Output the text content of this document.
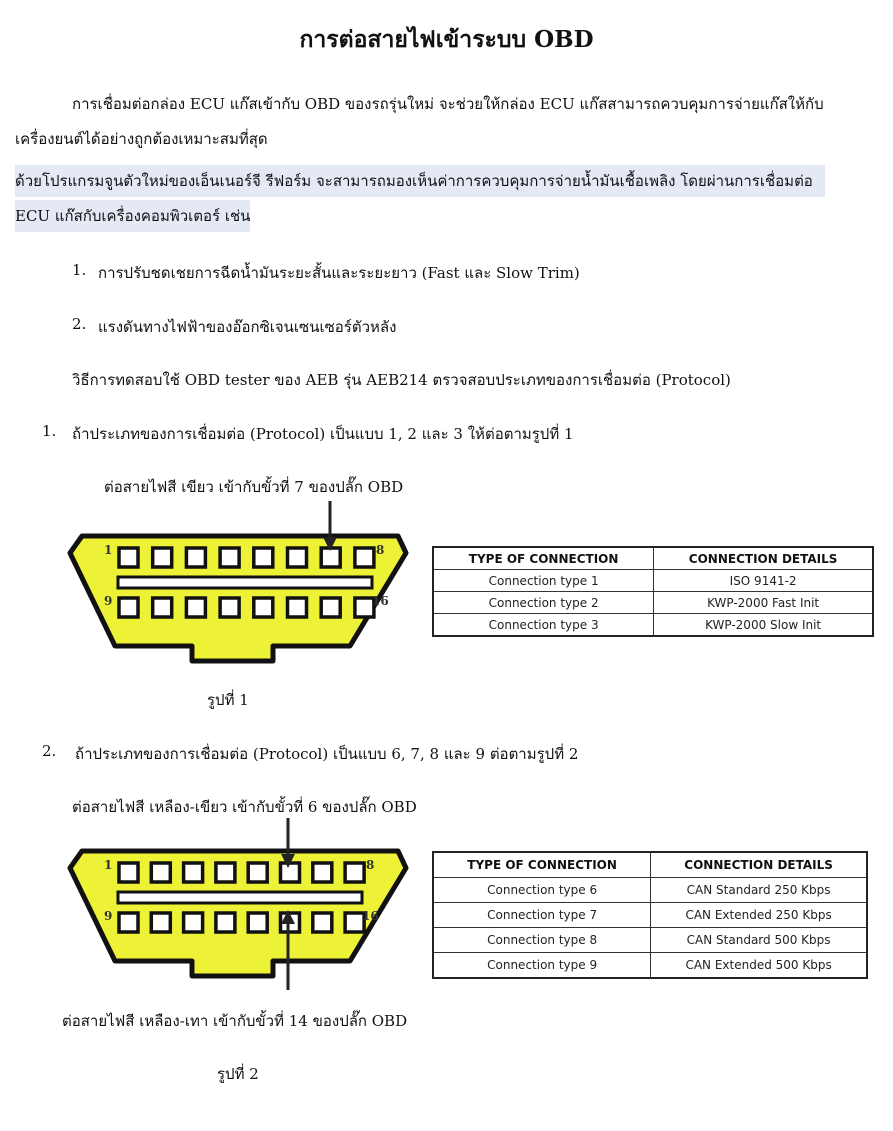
การต่อสายไฟเข้าระบบ OBD
การเชื่อมต่อกล่อง ECU แก๊สเข้ากับ OBD ของรถรุ่นใหม่ จะช่วยให้กล่อง ECU แก๊สสามารถควบคุมการจ่ายแก๊สให้กับ
เครื่องยนต์ได้อย่างถูกต้องเหมาะสมที่สุด
ด้วยโปรแกรมจูนตัวใหม่ของเอ็นเนอร์จี รีฟอร์ม จะสามารถมองเห็นค่าการควบคุมการจ่ายน้ำมันเชื้อเพลิง โดยผ่านการเชื่อมต่อ
ECU แก๊สกับเครื่องคอมพิวเตอร์ เช่น
1. การปรับชดเชยการฉีดน้ำมันระยะสั้นและระยะยาว (Fast และ Slow Trim)
2. แรงดันทางไฟฟ้าของอ๊อกซิเจนเซนเซอร์ตัวหลัง
วิธีการทดสอบใช้ OBD tester ของ AEB รุ่น AEB214 ตรวจสอบประเภทของการเชื่อมต่อ (Protocol)
1. ถ้าประเภทของการเชื่อมต่อ (Protocol) เป็นแบบ 1, 2 และ 3 ให้ต่อตามรูปที่ 1
ต่อสายไฟสี เขียว เข้ากับขั้วที่ 7 ของปลั๊ก OBD
1	8
9	16
TYPE OF CONNECTION	CONNECTION DETAILS
Connection type 1	ISO 9141-2
Connection type 2	KWP-2000 Fast Init
Connection type 3	KWP-2000 Slow Init
รูปที่ 1
2. ถ้าประเภทของการเชื่อมต่อ (Protocol) เป็นแบบ 6, 7, 8 และ 9 ต่อตามรูปที่ 2
ต่อสายไฟสี เหลือง-เขียว เข้ากับขั้วที่ 6 ของปลั๊ก OBD
1	8
9	16
TYPE OF CONNECTION	CONNECTION DETAILS
Connection type 6	CAN Standard 250 Kbps
Connection type 7	CAN Extended 250 Kbps
Connection type 8	CAN Standard 500 Kbps
Connection type 9	CAN Extended 500 Kbps
ต่อสายไฟสี เหลือง-เทา เข้ากับขั้วที่ 14 ของปลั๊ก OBD
รูปที่ 2
